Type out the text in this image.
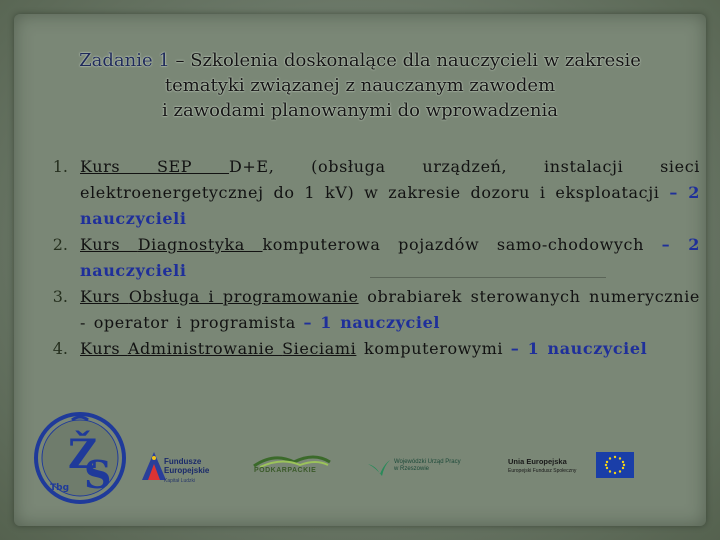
Zadanie 1 – Szkolenia doskonalące dla nauczycieli w zakresie
tematyki związanej z nauczanym zawodem
i zawodami planowanymi do wprowadzenia
1. Kurs SEP D+E, (obsługa urządzeń, instalacji sieci elektroenergetycznej do 1 kV) w zakresie dozoru i eksploatacji – 2 nauczycieli
2. Kurs Diagnostyka komputerowa pojazdów samo-chodowych – 2 nauczycieli
3. Kurs Obsługa i programowanie obrabiarek sterowanych numerycznie - operator i programista – 1 nauczyciel
4. Kurs Administrowanie Sieciami komputerowymi – 1 nauczyciel
Ž
S
Tbg
Fundusze
Europejskie
Kapitał Ludzki
PODKARPACKIE
Wojewódzki Urząd Pracy
w Rzeszowie
Unia Europejska
Europejski Fundusz Społeczny
